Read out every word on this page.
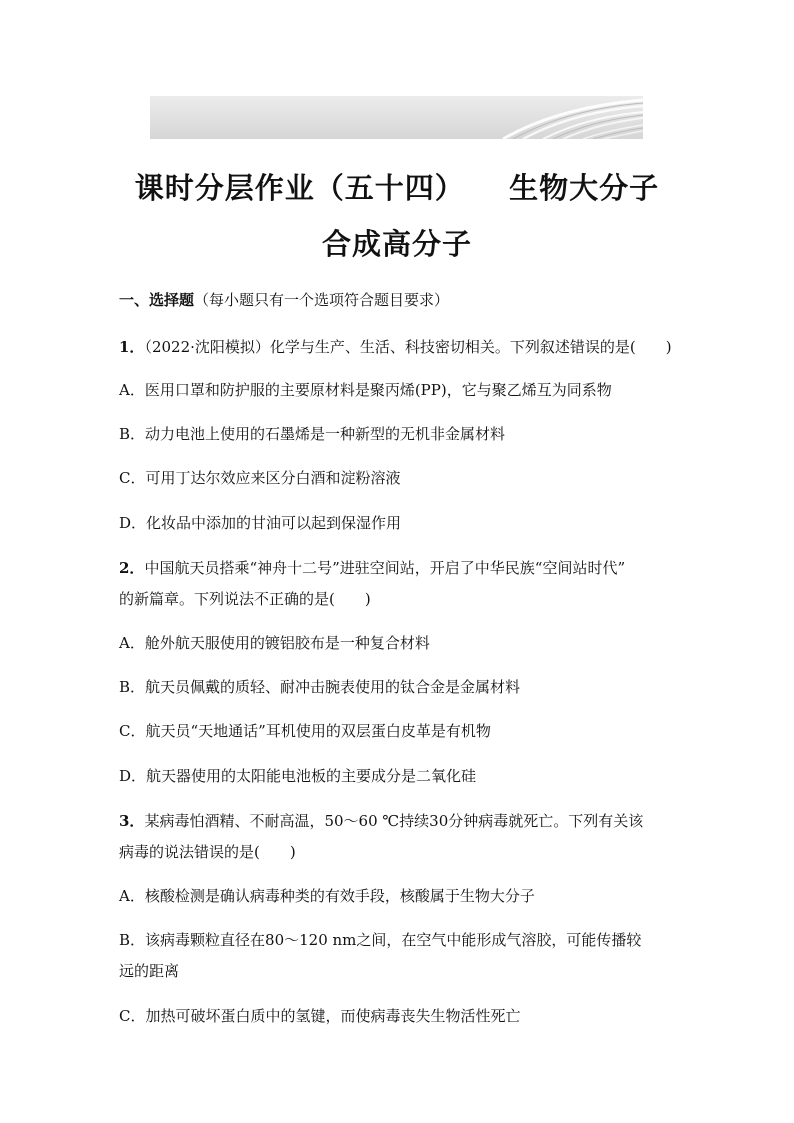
课时分层作业（五十四）    生物大分子
合成高分子
一、选择题（每小题只有一个选项符合题目要求）
1．（2022·沈阳模拟）化学与生产、生活、科技密切相关。下列叙述错误的是(　　)
A．医用口罩和防护服的主要原材料是聚丙烯(PP)，它与聚乙烯互为同系物
B．动力电池上使用的石墨烯是一种新型的无机非金属材料
C．可用丁达尔效应来区分白酒和淀粉溶液
D．化妆品中添加的甘油可以起到保湿作用
2．中国航天员搭乘“神舟十二号”进驻空间站，开启了中华民族“空间站时代”
的新篇章。下列说法不正确的是(　　)
A．舱外航天服使用的镀铝胶布是一种复合材料
B．航天员佩戴的质轻、耐冲击腕表使用的钛合金是金属材料
C．航天员“天地通话”耳机使用的双层蛋白皮革是有机物
D．航天器使用的太阳能电池板的主要成分是二氧化硅
3．某病毒怕酒精、不耐高温，50～60 ℃持续30分钟病毒就死亡。下列有关该
病毒的说法错误的是(　　)
A．核酸检测是确认病毒种类的有效手段，核酸属于生物大分子
B．该病毒颗粒直径在80～120 nm之间，在空气中能形成气溶胶，可能传播较
远的距离
C．加热可破坏蛋白质中的氢键，而使病毒丧失生物活性死亡
